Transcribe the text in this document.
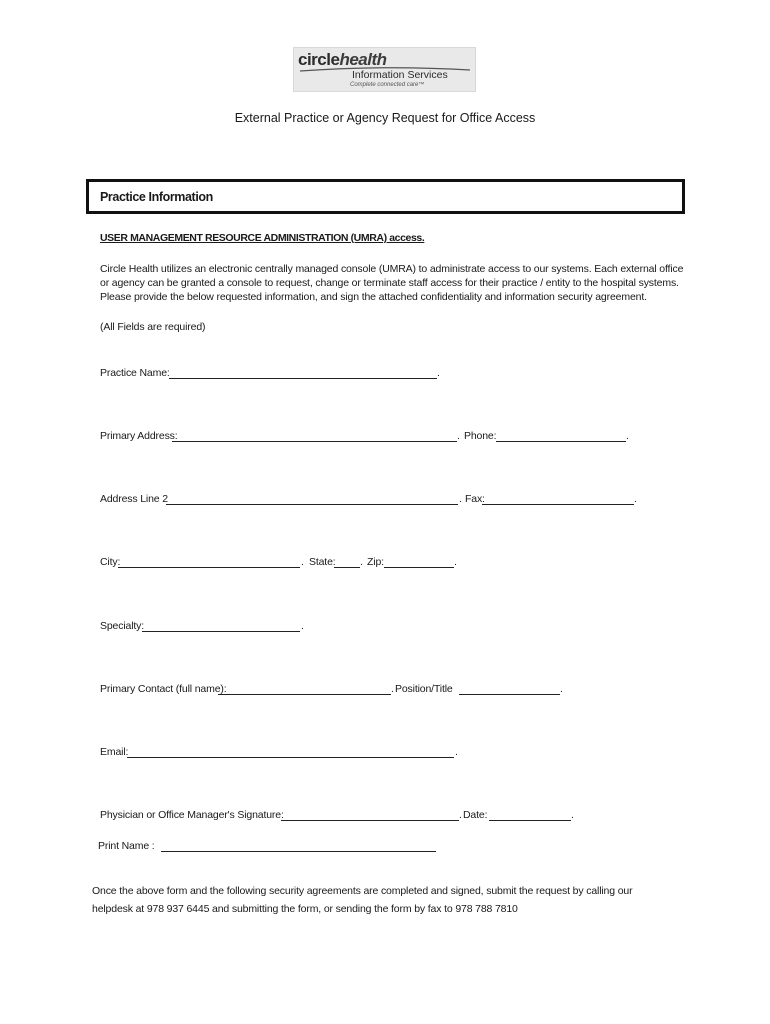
circlehealth
Information Services
Complete connected care™
External Practice or Agency Request for Office Access
Practice Information
USER MANAGEMENT RESOURCE ADMINISTRATION (UMRA) access.
Circle Health utilizes an electronic centrally managed console (UMRA) to administrate access to our systems. Each external office
or agency can be granted a console to request, change or terminate staff access for their practice / entity to the hospital systems.
Please provide the below requested information, and sign the attached confidentiality and information security agreement.
(All Fields are required)
Practice Name:	.
Primary Address:	. Phone:	.
Address Line 2	. Fax:	.
City:	. State: . Zip:	.
Specialty:	.
Primary Contact (full name):	. Position/Title	.
Email:	.
Physician or Office Manager's Signature:	. Date:	.
Print Name :
Once the above form and the following security agreements are completed and signed, submit the request by calling our
helpdesk at 978 937 6445 and submitting the form, or sending the form by fax to 978 788 7810
